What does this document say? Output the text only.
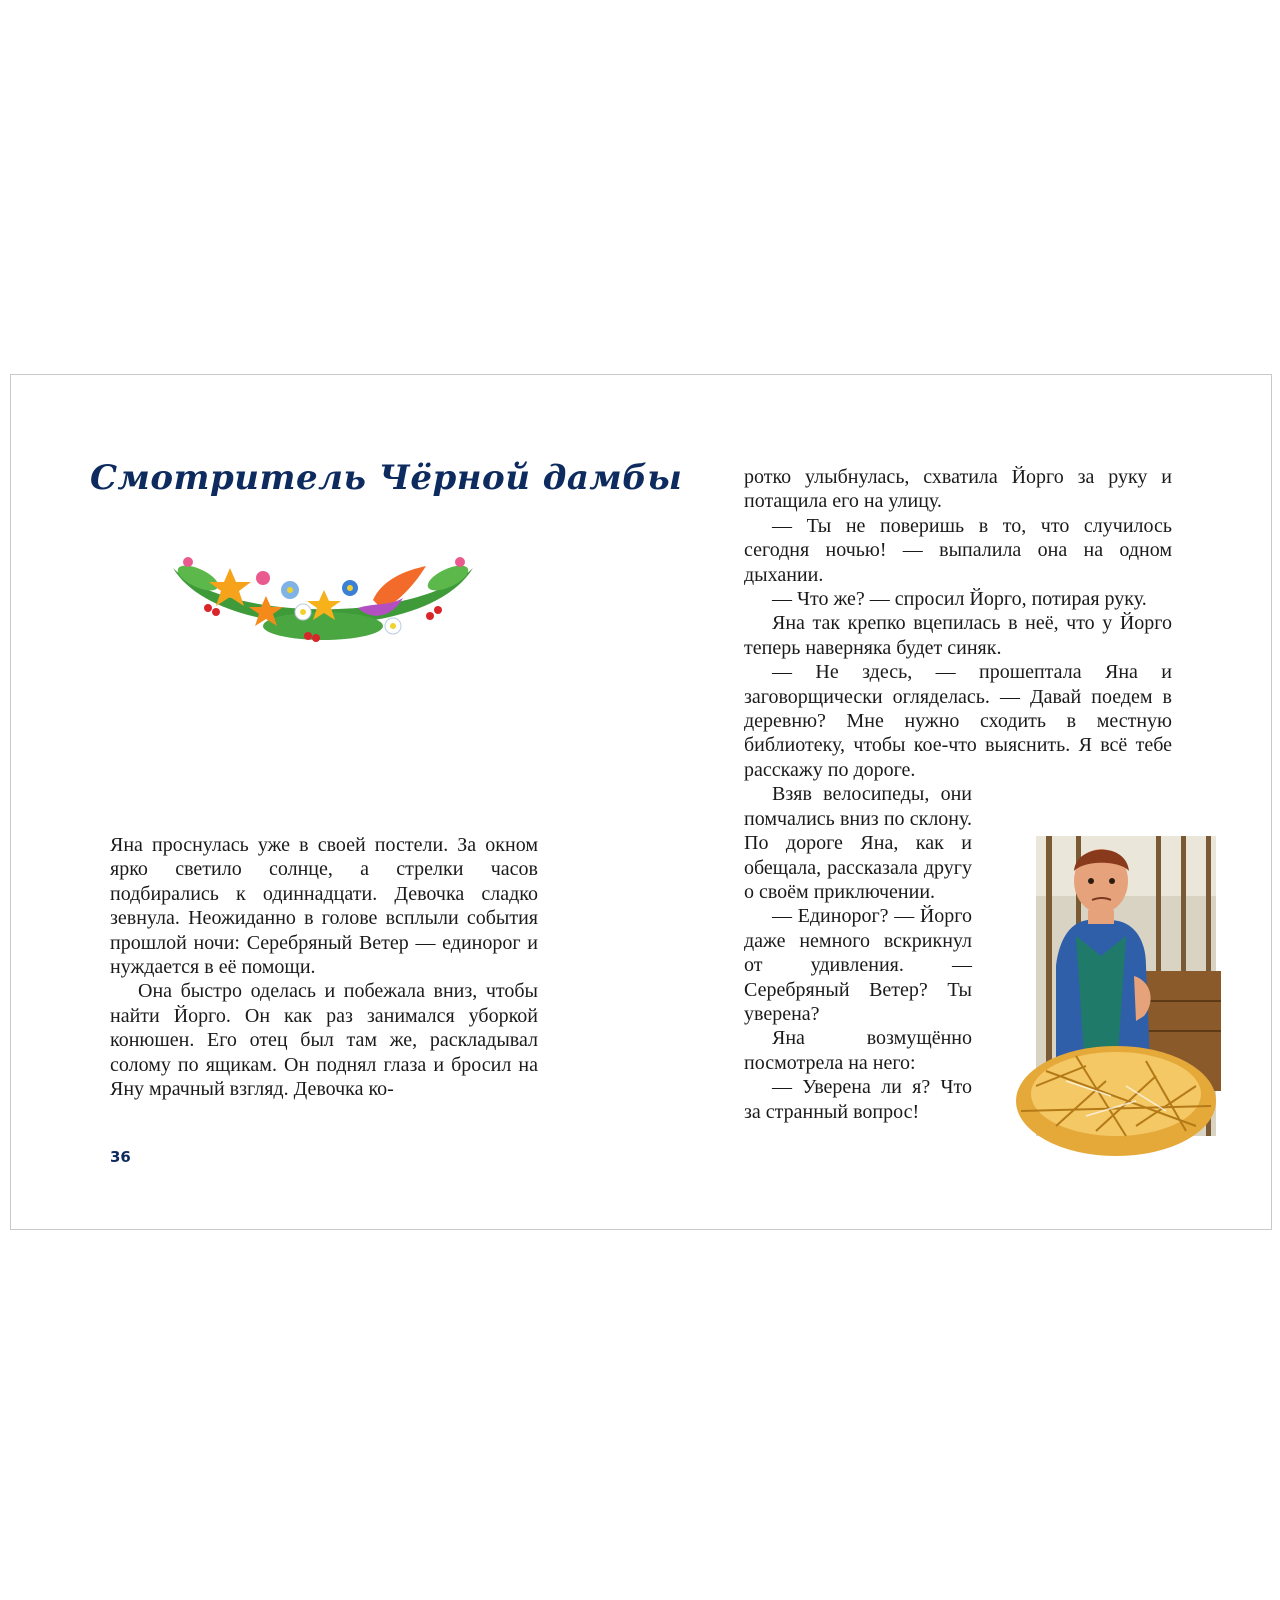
Смотритель Чёрной дамбы

Яна проснулась уже в своей постели. За окном ярко светило солнце, а стрелки часов подбирались к одиннадцати. Девочка сладко зевнула. Неожиданно в голове всплыли события прошлой ночи: Серебряный Ветер — единорог и нуждается в её помощи.

Она быстро оделась и побежала вниз, чтобы найти Йорго. Он как раз занимался уборкой конюшен. Его отец был там же, раскладывал солому по ящикам. Он поднял глаза и бросил на Яну мрачный взгляд. Девочка ко-

36

ротко улыбнулась, схватила Йорго за руку и потащила его на улицу.

— Ты не поверишь в то, что случилось сегодня ночью! — выпалила она на одном дыхании.

— Что же? — спросил Йорго, потирая руку.

Яна так крепко вцепилась в неё, что у Йорго теперь наверняка будет синяк.

— Не здесь, — прошептала Яна и заговорщически огляделась. — Давай поедем в деревню? Мне нужно сходить в местную библиотеку, чтобы кое-что выяснить. Я всё тебе расскажу по дороге.

Взяв велосипеды, они помчались вниз по склону. По дороге Яна, как и обещала, рассказала другу о своём приключении.

— Единорог? — Йорго даже немного вскрикнул от удивления. — Серебряный Ветер? Ты уверена?

Яна возмущённо посмотрела на него:

— Уверена ли я? Что за странный вопрос!
